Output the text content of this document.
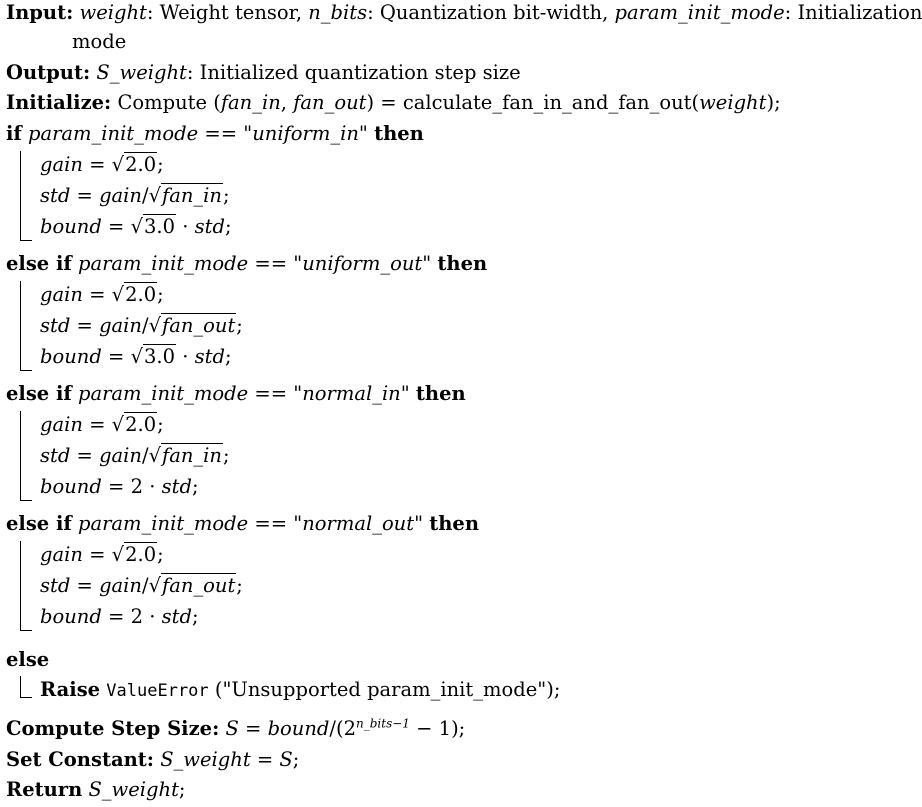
Input: weight: Weight tensor, n_bits: Quantization bit-width, param_init_mode: Initialization
mode
Output: S_weight: Initialized quantization step size
Initialize: Compute (fan_in, fan_out) = calculate_fan_in_and_fan_out(weight);
if param_init_mode == "uniform_in" then
gain = √2.0;
std = gain/√fan_in;
bound = √3.0 · std;
else if param_init_mode == "uniform_out" then
gain = √2.0;
std = gain/√fan_out;
bound = √3.0 · std;
else if param_init_mode == "normal_in" then
gain = √2.0;
std = gain/√fan_in;
bound = 2 · std;
else if param_init_mode == "normal_out" then
gain = √2.0;
std = gain/√fan_out;
bound = 2 · std;
else
Raise ValueError ("Unsupported param_init_mode");
Compute Step Size: S = bound/$(2^{n\_bits-1} - 1)$;
Set Constant: S_weight = S;
Return S_weight;
